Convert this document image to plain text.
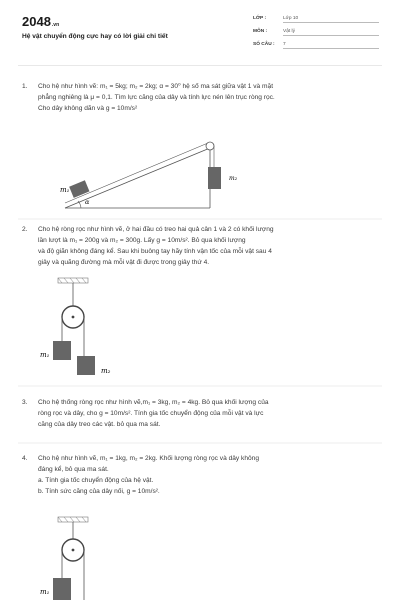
2048.vn
Hệ vật chuyển động cực hay có lời giải chi tiết
LỚP :	Lớp 10
MÔN :	Vật lý
SỐ CÂU : 7
1. Cho hệ như hình vẽ: m₁ = 5kg; m₂ = 2kg; α = 30⁰ hệ số ma sát giữa vật 1 và mặt
phẳng nghiêng là μ = 0,1. Tìm lực căng của dây và tính lực nén lên trục ròng rọc.
Cho dây không dãn và g = 10m/s²
m₁
m₂
α
m₁
m₂
m₁
2. Cho hệ ròng rọc như hình vẽ, ở hai đầu có treo hai quả cân 1 và 2 có khối lượng
lần lượt là m₁ = 200g và m₂ = 300g. Lấy g = 10m/s². Bỏ qua khối lượng
và độ giãn không đáng kể. Sau khi buông tay hãy tính vận tốc của mỗi vật sau 4
giây và quãng đường mà mỗi vật đi được trong giây thứ 4.
3. Cho hệ thống ròng rọc như hình vẽ,m₁ = 3kg, m₂ = 4kg. Bỏ qua khối lượng của
ròng rọc và dây, cho g = 10m/s². Tính gia tốc chuyển động của mỗi vật và lực
căng của dây treo các vật. bỏ qua ma sát.
4. Cho hệ như hình vẽ, m₁ = 1kg, m₂ = 2kg. Khối lượng ròng rọc và dây không
đáng kể, bỏ qua ma sát.
a. Tính gia tốc chuyển động của hệ vật.
b. Tính sức căng của dây nối, g = 10m/s².
